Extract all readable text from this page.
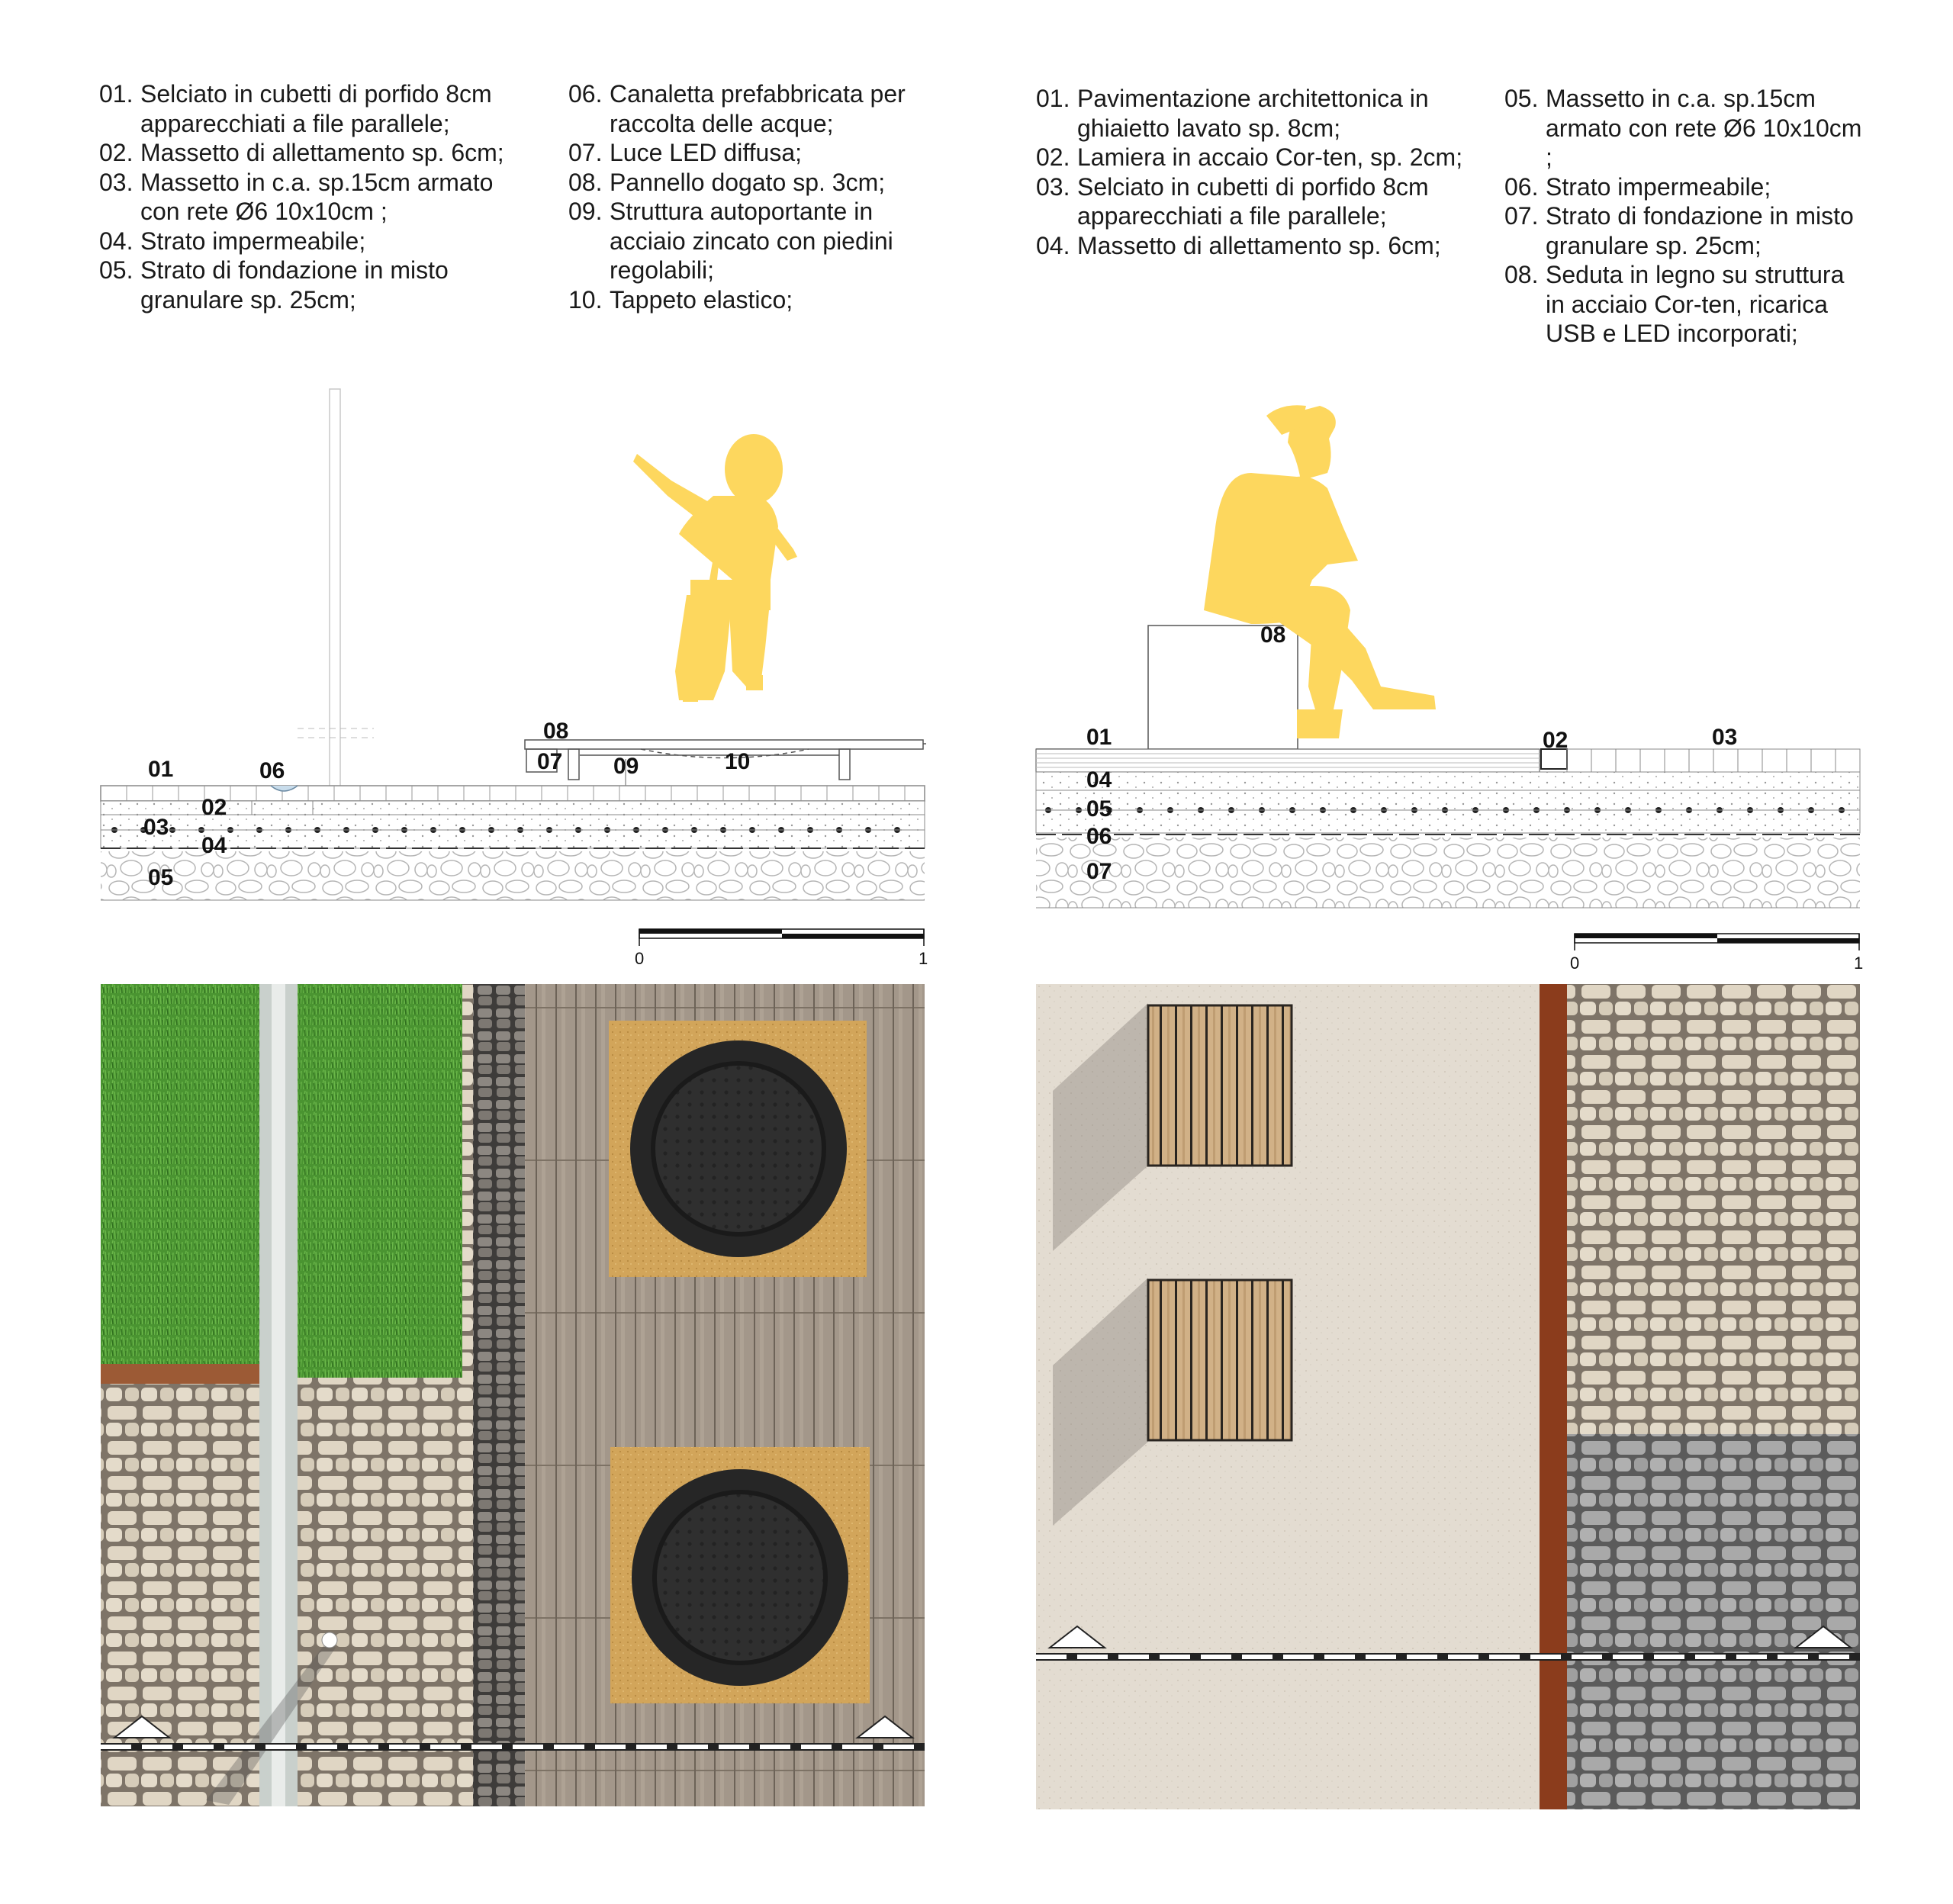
01. Selciato in cubetti di porfido 8cm apparecchiati a file parallele;
02. Massetto di allettamento sp. 6cm;
03. Massetto in c.a. sp.15cm armato con rete Ø6 10x10cm ;
04. Strato impermeabile;
05. Strato di fondazione in misto granulare sp. 25cm;
06. Canaletta prefabbricata per raccolta delle acque;
07. Luce LED diffusa;
08. Pannello dogato sp. 3cm;
09. Struttura autoportante in acciaio zincato con piedini regolabili;
10. Tappeto elastico;
01. Pavimentazione architettonica in ghiaietto lavato sp. 8cm;
02. Lamiera in accaio Cor-ten, sp. 2cm;
03. Selciato in cubetti di porfido 8cm apparecchiati a file parallele;
04. Massetto di allettamento sp. 6cm;
05. Massetto in c.a. sp.15cm armato con rete Ø6 10x10cm ;
06. Strato impermeabile;
07. Strato di fondazione in misto granulare sp. 25cm;
08. Seduta in legno su struttura in acciaio Cor-ten, ricarica USB e LED incorporati;
01	06
02
03
04
05
08
07 09	10
0	1
01
08
02	03
04
05
06
07
0	1
